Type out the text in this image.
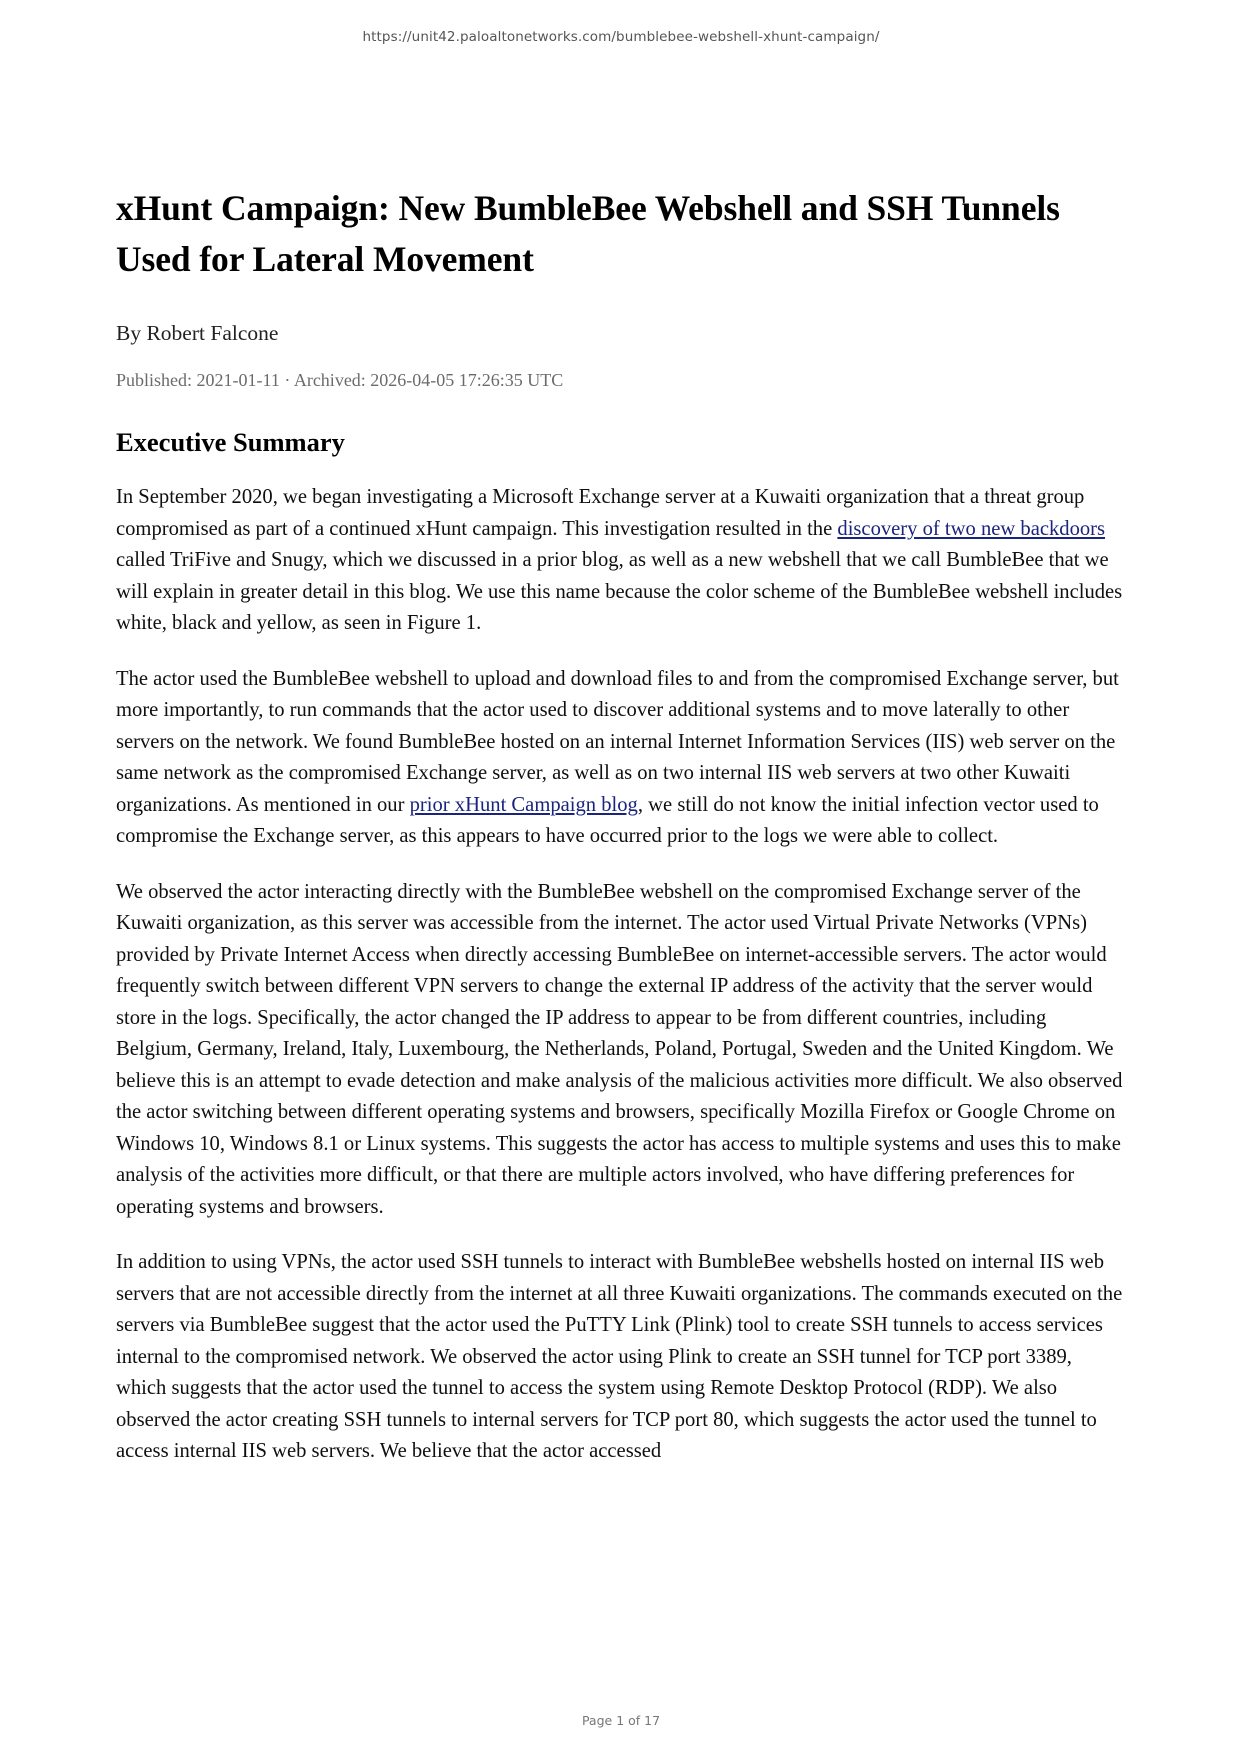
https://unit42.paloaltonetworks.com/bumblebee-webshell-xhunt-campaign/
xHunt Campaign: New BumbleBee Webshell and SSH Tunnels Used for Lateral Movement
By Robert Falcone
Published: 2021-01-11 · Archived: 2026-04-05 17:26:35 UTC
Executive Summary

In September 2020, we began investigating a Microsoft Exchange server at a Kuwaiti organization that a threat group compromised as part of a continued xHunt campaign. This investigation resulted in the discovery of two new backdoors called TriFive and Snugy, which we discussed in a prior blog, as well as a new webshell that we call BumbleBee that we will explain in greater detail in this blog. We use this name because the color scheme of the BumbleBee webshell includes white, black and yellow, as seen in Figure 1.

The actor used the BumbleBee webshell to upload and download files to and from the compromised Exchange server, but more importantly, to run commands that the actor used to discover additional systems and to move laterally to other servers on the network. We found BumbleBee hosted on an internal Internet Information Services (IIS) web server on the same network as the compromised Exchange server, as well as on two internal IIS web servers at two other Kuwaiti organizations. As mentioned in our prior xHunt Campaign blog, we still do not know the initial infection vector used to compromise the Exchange server, as this appears to have occurred prior to the logs we were able to collect.

We observed the actor interacting directly with the BumbleBee webshell on the compromised Exchange server of the Kuwaiti organization, as this server was accessible from the internet. The actor used Virtual Private Networks (VPNs) provided by Private Internet Access when directly accessing BumbleBee on internet-accessible servers. The actor would frequently switch between different VPN servers to change the external IP address of the activity that the server would store in the logs. Specifically, the actor changed the IP address to appear to be from different countries, including Belgium, Germany, Ireland, Italy, Luxembourg, the Netherlands, Poland, Portugal, Sweden and the United Kingdom. We believe this is an attempt to evade detection and make analysis of the malicious activities more difficult. We also observed the actor switching between different operating systems and browsers, specifically Mozilla Firefox or Google Chrome on Windows 10, Windows 8.1 or Linux systems. This suggests the actor has access to multiple systems and uses this to make analysis of the activities more difficult, or that there are multiple actors involved, who have differing preferences for operating systems and browsers.

In addition to using VPNs, the actor used SSH tunnels to interact with BumbleBee webshells hosted on internal IIS web servers that are not accessible directly from the internet at all three Kuwaiti organizations. The commands executed on the servers via BumbleBee suggest that the actor used the PuTTY Link (Plink) tool to create SSH tunnels to access services internal to the compromised network. We observed the actor using Plink to create an SSH tunnel for TCP port 3389, which suggests that the actor used the tunnel to access the system using Remote Desktop Protocol (RDP). We also observed the actor creating SSH tunnels to internal servers for TCP port 80, which suggests the actor used the tunnel to access internal IIS web servers. We believe that the actor accessed

Page 1 of 17
